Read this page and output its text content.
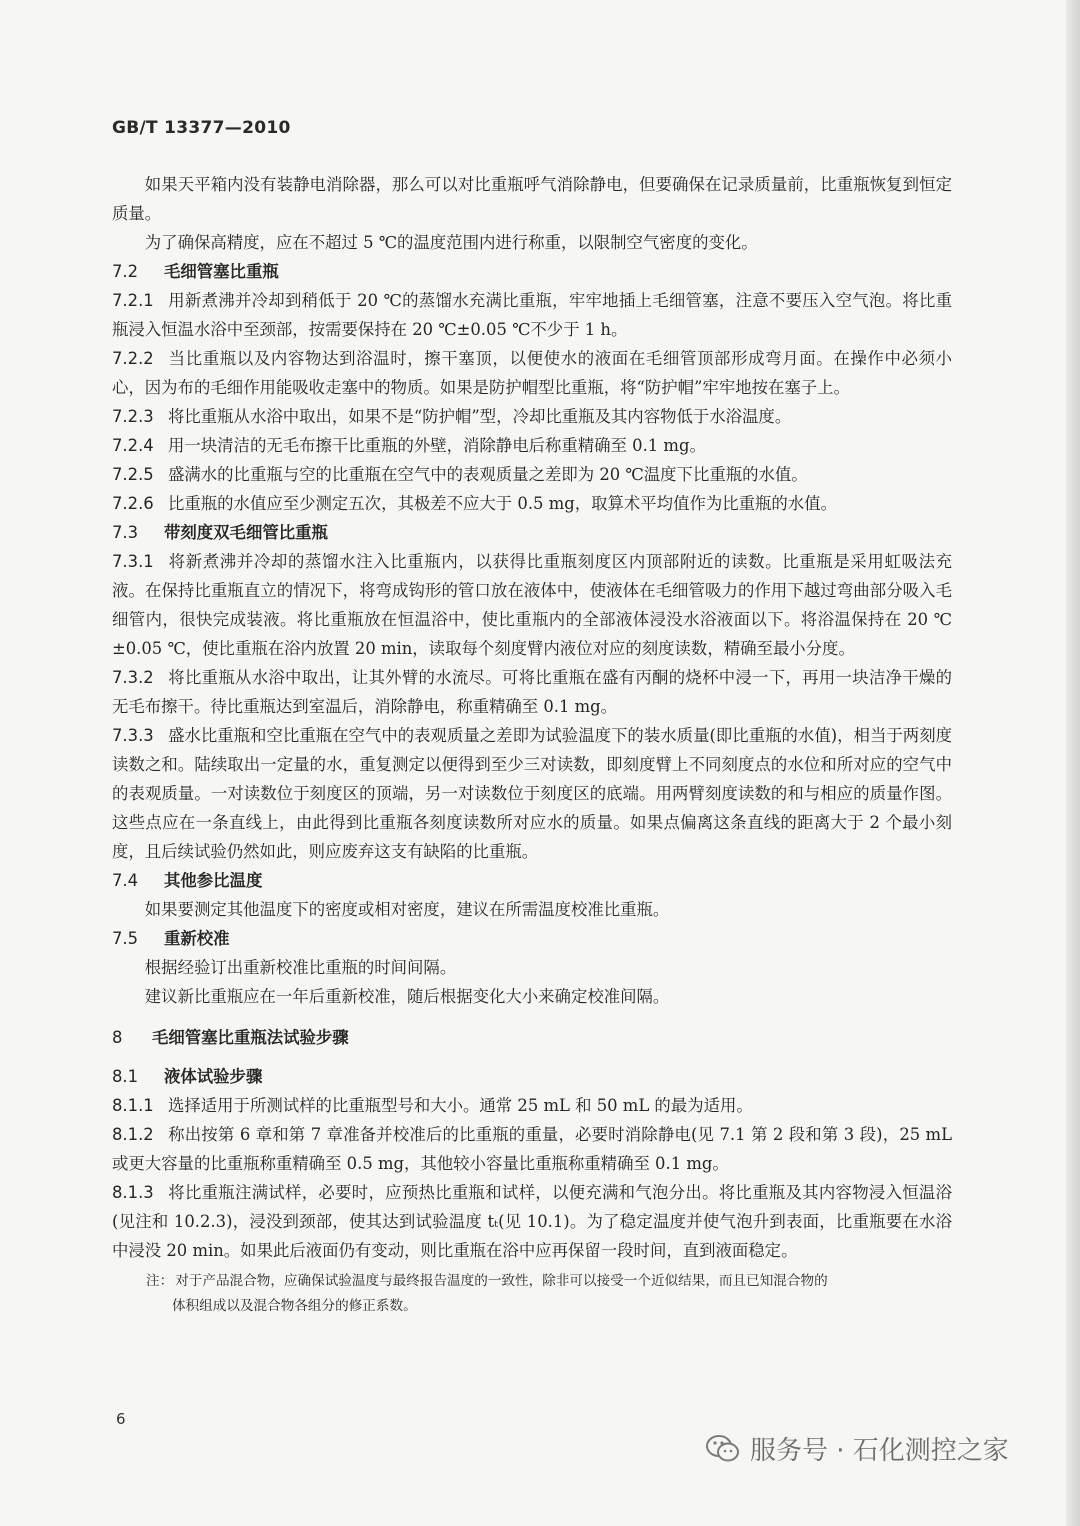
GB/T 13377—2010

如果天平箱内没有装静电消除器，那么可以对比重瓶呼气消除静电，但要确保在记录质量前，比重瓶恢复到恒定质量。

为了确保高精度，应在不超过 5 ℃的温度范围内进行称重，以限制空气密度的变化。

7.2 毛细管塞比重瓶

7.2.1 用新煮沸并冷却到稍低于 20 ℃的蒸馏水充满比重瓶，牢牢地插上毛细管塞，注意不要压入空气泡。将比重瓶浸入恒温水浴中至颈部，按需要保持在 20 ℃±0.05 ℃不少于 1 h。

7.2.2 当比重瓶以及内容物达到浴温时，擦干塞顶，以便使水的液面在毛细管顶部形成弯月面。在操作中必须小心，因为布的毛细作用能吸收走塞中的物质。如果是防护帽型比重瓶，将“防护帽”牢牢地按在塞子上。

7.2.3 将比重瓶从水浴中取出，如果不是“防护帽”型，冷却比重瓶及其内容物低于水浴温度。

7.2.4 用一块清洁的无毛布擦干比重瓶的外壁，消除静电后称重精确至 0.1 mg。

7.2.5 盛满水的比重瓶与空的比重瓶在空气中的表观质量之差即为 20 ℃温度下比重瓶的水值。

7.2.6 比重瓶的水值应至少测定五次，其极差不应大于 0.5 mg，取算术平均值作为比重瓶的水值。

7.3 带刻度双毛细管比重瓶

7.3.1 将新煮沸并冷却的蒸馏水注入比重瓶内，以获得比重瓶刻度区内顶部附近的读数。比重瓶是采用虹吸法充液。在保持比重瓶直立的情况下，将弯成钩形的管口放在液体中，使液体在毛细管吸力的作用下越过弯曲部分吸入毛细管内，很快完成装液。将比重瓶放在恒温浴中，使比重瓶内的全部液体浸没水浴液面以下。将浴温保持在 20 ℃±0.05 ℃，使比重瓶在浴内放置 20 min，读取每个刻度臂内液位对应的刻度读数，精确至最小分度。

7.3.2 将比重瓶从水浴中取出，让其外臂的水流尽。可将比重瓶在盛有丙酮的烧杯中浸一下，再用一块洁净干燥的无毛布擦干。待比重瓶达到室温后，消除静电，称重精确至 0.1 mg。

7.3.3 盛水比重瓶和空比重瓶在空气中的表观质量之差即为试验温度下的装水质量(即比重瓶的水值)，相当于两刻度读数之和。陆续取出一定量的水，重复测定以便得到至少三对读数，即刻度臂上不同刻度点的水位和所对应的空气中的表观质量。一对读数位于刻度区的顶端，另一对读数位于刻度区的底端。用两臂刻度读数的和与相应的质量作图。这些点应在一条直线上，由此得到比重瓶各刻度读数所对应水的质量。如果点偏离这条直线的距离大于 2 个最小刻度，且后续试验仍然如此，则应废弃这支有缺陷的比重瓶。

7.4 其他参比温度

如果要测定其他温度下的密度或相对密度，建议在所需温度校准比重瓶。

7.5 重新校准

根据经验订出重新校准比重瓶的时间间隔。

建议新比重瓶应在一年后重新校准，随后根据变化大小来确定校准间隔。

8 毛细管塞比重瓶法试验步骤

8.1 液体试验步骤

8.1.1 选择适用于所测试样的比重瓶型号和大小。通常 25 mL 和 50 mL 的最为适用。

8.1.2 称出按第 6 章和第 7 章准备并校准后的比重瓶的重量，必要时消除静电(见 7.1 第 2 段和第 3 段)，25 mL 或更大容量的比重瓶称重精确至 0.5 mg，其他较小容量比重瓶称重精确至 0.1 mg。

8.1.3 将比重瓶注满试样，必要时，应预热比重瓶和试样，以便充满和气泡分出。将比重瓶及其内容物浸入恒温浴(见注和 10.2.3)，浸没到颈部，使其达到试验温度 tₜ(见 10.1)。为了稳定温度并使气泡升到表面，比重瓶要在水浴中浸没 20 min。如果此后液面仍有变动，则比重瓶在浴中应再保留一段时间，直到液面稳定。

注： 对于产品混合物，应确保试验温度与最终报告温度的一致性，除非可以接受一个近似结果，而且已知混合物的
体积组成以及混合物各组分的修正系数。
6
服务号 · 石化测控之家
